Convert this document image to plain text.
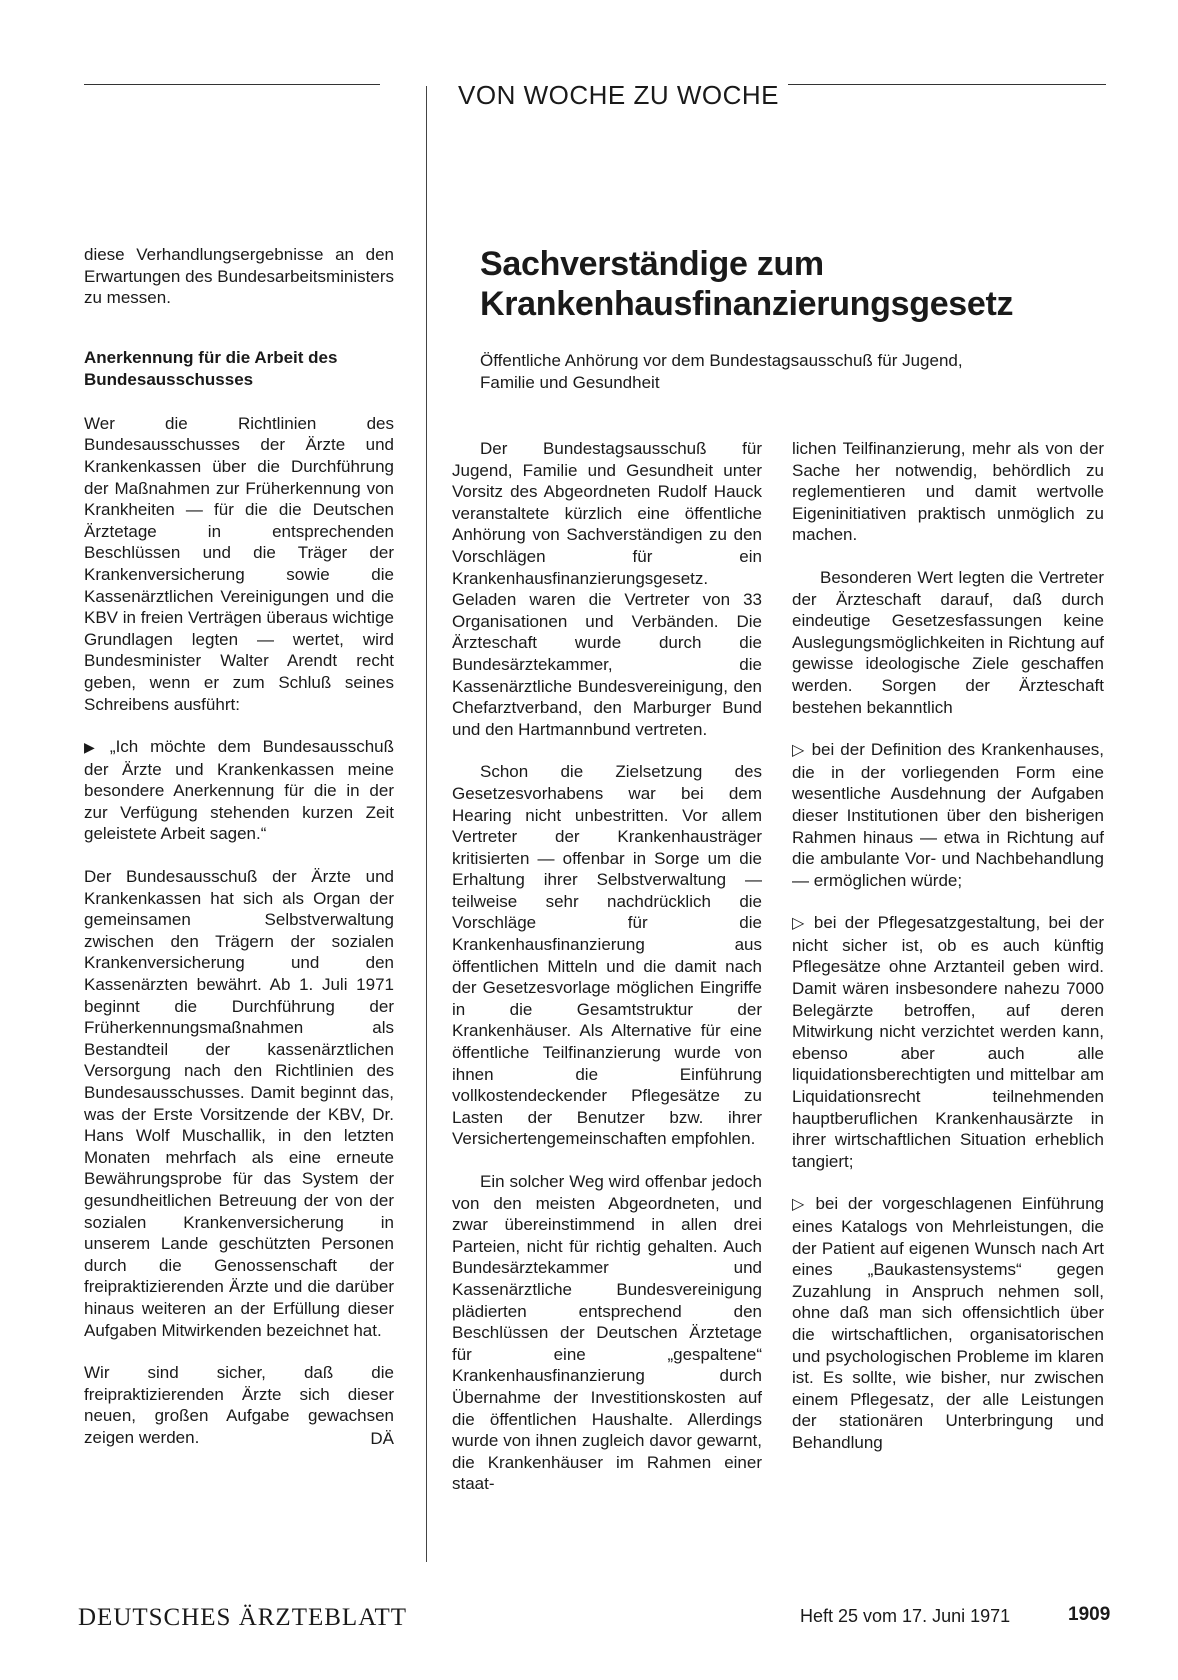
VON WOCHE ZU WOCHE

diese Verhandlungsergebnisse an den Erwartungen des Bundesarbeitsministers zu messen.

Anerkennung für die Arbeit des Bundesausschusses

Wer die Richtlinien des Bundesausschusses der Ärzte und Krankenkassen über die Durchführung der Maßnahmen zur Früherkennung von Krankheiten — für die die Deutschen Ärztetage in entsprechenden Beschlüssen und die Träger der Krankenversicherung sowie die Kassenärztlichen Vereinigungen und die KBV in freien Verträgen überaus wichtige Grundlagen legten — wertet, wird Bundesminister Walter Arendt recht geben, wenn er zum Schluß seines Schreibens ausführt:

▶ „Ich möchte dem Bundesausschuß der Ärzte und Krankenkassen meine besondere Anerkennung für die in der zur Verfügung stehenden kurzen Zeit geleistete Arbeit sagen.“

Der Bundesausschuß der Ärzte und Krankenkassen hat sich als Organ der gemeinsamen Selbstverwaltung zwischen den Trägern der sozialen Krankenversicherung und den Kassenärzten bewährt. Ab 1. Juli 1971 beginnt die Durchführung der Früherkennungsmaßnahmen als Bestandteil der kassenärztlichen Versorgung nach den Richtlinien des Bundesausschusses. Damit beginnt das, was der Erste Vorsitzende der KBV, Dr. Hans Wolf Muschallik, in den letzten Monaten mehrfach als eine erneute Bewährungsprobe für das System der gesundheitlichen Betreuung der von der sozialen Krankenversicherung in unserem Lande geschützten Personen durch die Genossenschaft der freipraktizierenden Ärzte und die darüber hinaus weiteren an der Erfüllung dieser Aufgaben Mitwirkenden bezeichnet hat.

Wir sind sicher, daß die freipraktizierenden Ärzte sich dieser neuen, großen Aufgabe gewachsen zeigen werden.	DÄ
Sachverständige zum
Krankenhausfinanzierungsgesetz
Öffentliche Anhörung vor dem Bundestagsausschuß für Jugend, Familie und Gesundheit

Der Bundestagsausschuß für Jugend, Familie und Gesundheit unter Vorsitz des Abgeordneten Rudolf Hauck veranstaltete kürzlich eine öffentliche Anhörung von Sachverständigen zu den Vorschlägen für ein Krankenhausfinanzierungsgesetz. Geladen waren die Vertreter von 33 Organisationen und Verbänden. Die Ärzteschaft wurde durch die Bundesärztekammer, die Kassenärztliche Bundesvereinigung, den Chefarztverband, den Marburger Bund und den Hartmannbund vertreten.

Schon die Zielsetzung des Gesetzesvorhabens war bei dem Hearing nicht unbestritten. Vor allem Vertreter der Krankenhausträger kritisierten — offenbar in Sorge um die Erhaltung ihrer Selbstverwaltung — teilweise sehr nachdrücklich die Vorschläge für die Krankenhausfinanzierung aus öffentlichen Mitteln und die damit nach der Gesetzesvorlage möglichen Eingriffe in die Gesamtstruktur der Krankenhäuser. Als Alternative für eine öffentliche Teilfinanzierung wurde von ihnen die Einführung vollkostendeckender Pflegesätze zu Lasten der Benutzer bzw. ihrer Versichertengemeinschaften empfohlen.

Ein solcher Weg wird offenbar jedoch von den meisten Abgeordneten, und zwar übereinstimmend in allen drei Parteien, nicht für richtig gehalten. Auch Bundesärztekammer und Kassenärztliche Bundesvereinigung plädierten entsprechend den Beschlüssen der Deutschen Ärztetage für eine „gespaltene“ Krankenhausfinanzierung durch Übernahme der Investitionskosten auf die öffentlichen Haushalte. Allerdings wurde von ihnen zugleich davor gewarnt, die Krankenhäuser im Rahmen einer staat-

lichen Teilfinanzierung, mehr als von der Sache her notwendig, behördlich zu reglementieren und damit wertvolle Eigeninitiativen praktisch unmöglich zu machen.

Besonderen Wert legten die Vertreter der Ärzteschaft darauf, daß durch eindeutige Gesetzesfassungen keine Auslegungsmöglichkeiten in Richtung auf gewisse ideologische Ziele geschaffen werden. Sorgen der Ärzteschaft bestehen bekanntlich

▷ bei der Definition des Krankenhauses, die in der vorliegenden Form eine wesentliche Ausdehnung der Aufgaben dieser Institutionen über den bisherigen Rahmen hinaus — etwa in Richtung auf die ambulante Vor- und Nachbehandlung — ermöglichen würde;

▷ bei der Pflegesatzgestaltung, bei der nicht sicher ist, ob es auch künftig Pflegesätze ohne Arztanteil geben wird. Damit wären insbesondere nahezu 7000 Belegärzte betroffen, auf deren Mitwirkung nicht verzichtet werden kann, ebenso aber auch alle liquidationsberechtigten und mittelbar am Liquidationsrecht teilnehmenden hauptberuflichen Krankenhausärzte in ihrer wirtschaftlichen Situation erheblich tangiert;

▷ bei der vorgeschlagenen Einführung eines Katalogs von Mehrleistungen, die der Patient auf eigenen Wunsch nach Art eines „Baukastensystems“ gegen Zuzahlung in Anspruch nehmen soll, ohne daß man sich offensichtlich über die wirtschaftlichen, organisatorischen und psychologischen Probleme im klaren ist. Es sollte, wie bisher, nur zwischen einem Pflegesatz, der alle Leistungen der stationären Unterbringung und Behandlung

DEUTSCHES ÄRZTEBLATT	Heft 25 vom 17. Juni 1971	1909
